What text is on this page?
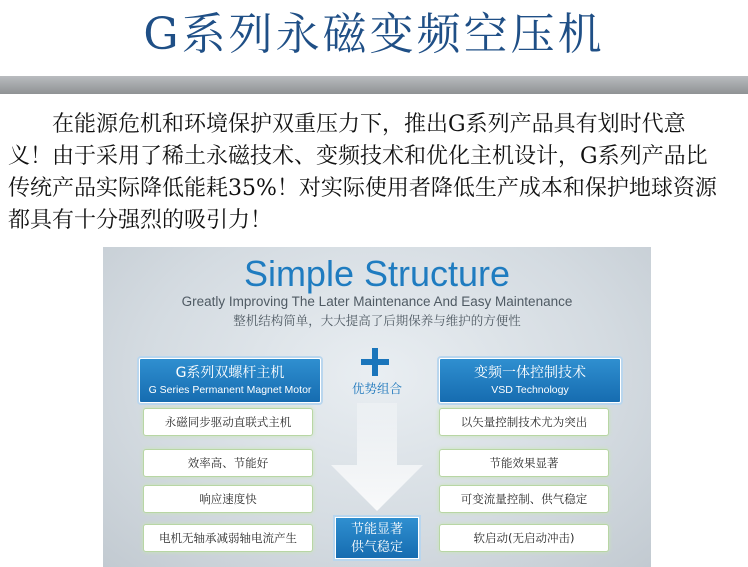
G系列永磁变频空压机

在能源危机和环境保护双重压力下，推出G系列产品具有划时代意义！由于采用了稀土永磁技术、变频技术和优化主机设计，G系列产品比传统产品实际降低能耗35%！对实际使用者降低生产成本和保护地球资源都具有十分强烈的吸引力！

Simple Structure
Greatly Improving The Later Maintenance And Easy Maintenance
整机结构简单，大大提高了后期保养与维护的方便性
G系列双螺杆主机
G Series Permanent Magnet Motor
变频一体控制技术
VSD Technology
永磁同步驱动直联式主机
效率高、节能好
响应速度快
电机无轴承减弱轴电流产生
以矢量控制技术尤为突出
节能效果显著
可变流量控制、供气稳定
软启动(无启动冲击)
优势组合
节能显著
供气稳定
